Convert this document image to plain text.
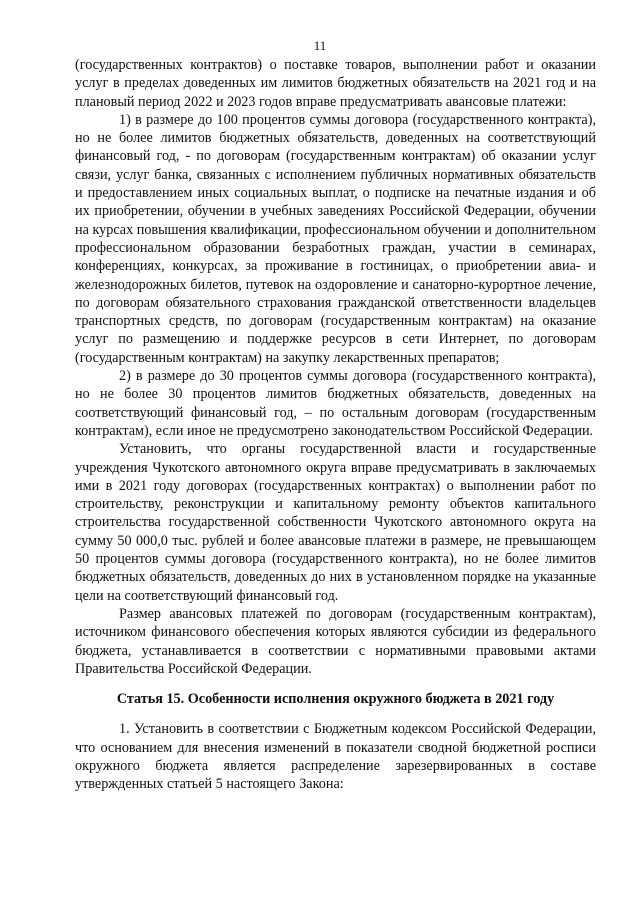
11

(государственных контрактов) о поставке товаров, выполнении работ и оказании услуг в пределах доведенных им лимитов бюджетных обязательств на 2021 год и на плановый период 2022 и 2023 годов вправе предусматривать авансовые платежи:

1) в размере до 100 процентов суммы договора (государственного контракта), но не более лимитов бюджетных обязательств, доведенных на соответствующий финансовый год, - по договорам (государственным контрактам) об оказании услуг связи, услуг банка, связанных с исполнением публичных нормативных обязательств и предоставлением иных социальных выплат, о подписке на печатные издания и об их приобретении, обучении в учебных заведениях Российской Федерации, обучении на курсах повышения квалификации, профессиональном обучении и дополнительном профессиональном образовании безработных граждан, участии в семинарах, конференциях, конкурсах, за проживание в гостиницах, о приобретении авиа- и железнодорожных билетов, путевок на оздоровление и санаторно-курортное лечение, по договорам обязательного страхования гражданской ответственности владельцев транспортных средств, по договорам (государственным контрактам) на оказание услуг по размещению и поддержке ресурсов в сети Интернет, по договорам (государственным контрактам) на закупку лекарственных препаратов;

2) в размере до 30 процентов суммы договора (государственного контракта), но не более 30 процентов лимитов бюджетных обязательств, доведенных на соответствующий финансовый год, – по остальным договорам (государственным контрактам), если иное не предусмотрено законодательством Российской Федерации.

Установить, что органы государственной власти и государственные учреждения Чукотского автономного округа вправе предусматривать в заключаемых ими в 2021 году договорах (государственных контрактах) о выполнении работ по строительству, реконструкции и капитальному ремонту объектов капитального строительства государственной собственности Чукотского автономного округа на сумму 50 000,0 тыс. рублей и более авансовые платежи в размере, не превышающем 50 процентов суммы договора (государственного контракта), но не более лимитов бюджетных обязательств, доведенных до них в установленном порядке на указанные цели на соответствующий финансовый год.

Размер авансовых платежей по договорам (государственным контрактам), источником финансового обеспечения которых являются субсидии из федерального бюджета, устанавливается в соответствии с нормативными правовыми актами Правительства Российской Федерации.

Статья 15. Особенности исполнения окружного бюджета в 2021 году

1. Установить в соответствии с Бюджетным кодексом Российской Федерации, что основанием для внесения изменений в показатели сводной бюджетной росписи окружного бюджета является распределение зарезервированных в составе утвержденных статьей 5 настоящего Закона:
